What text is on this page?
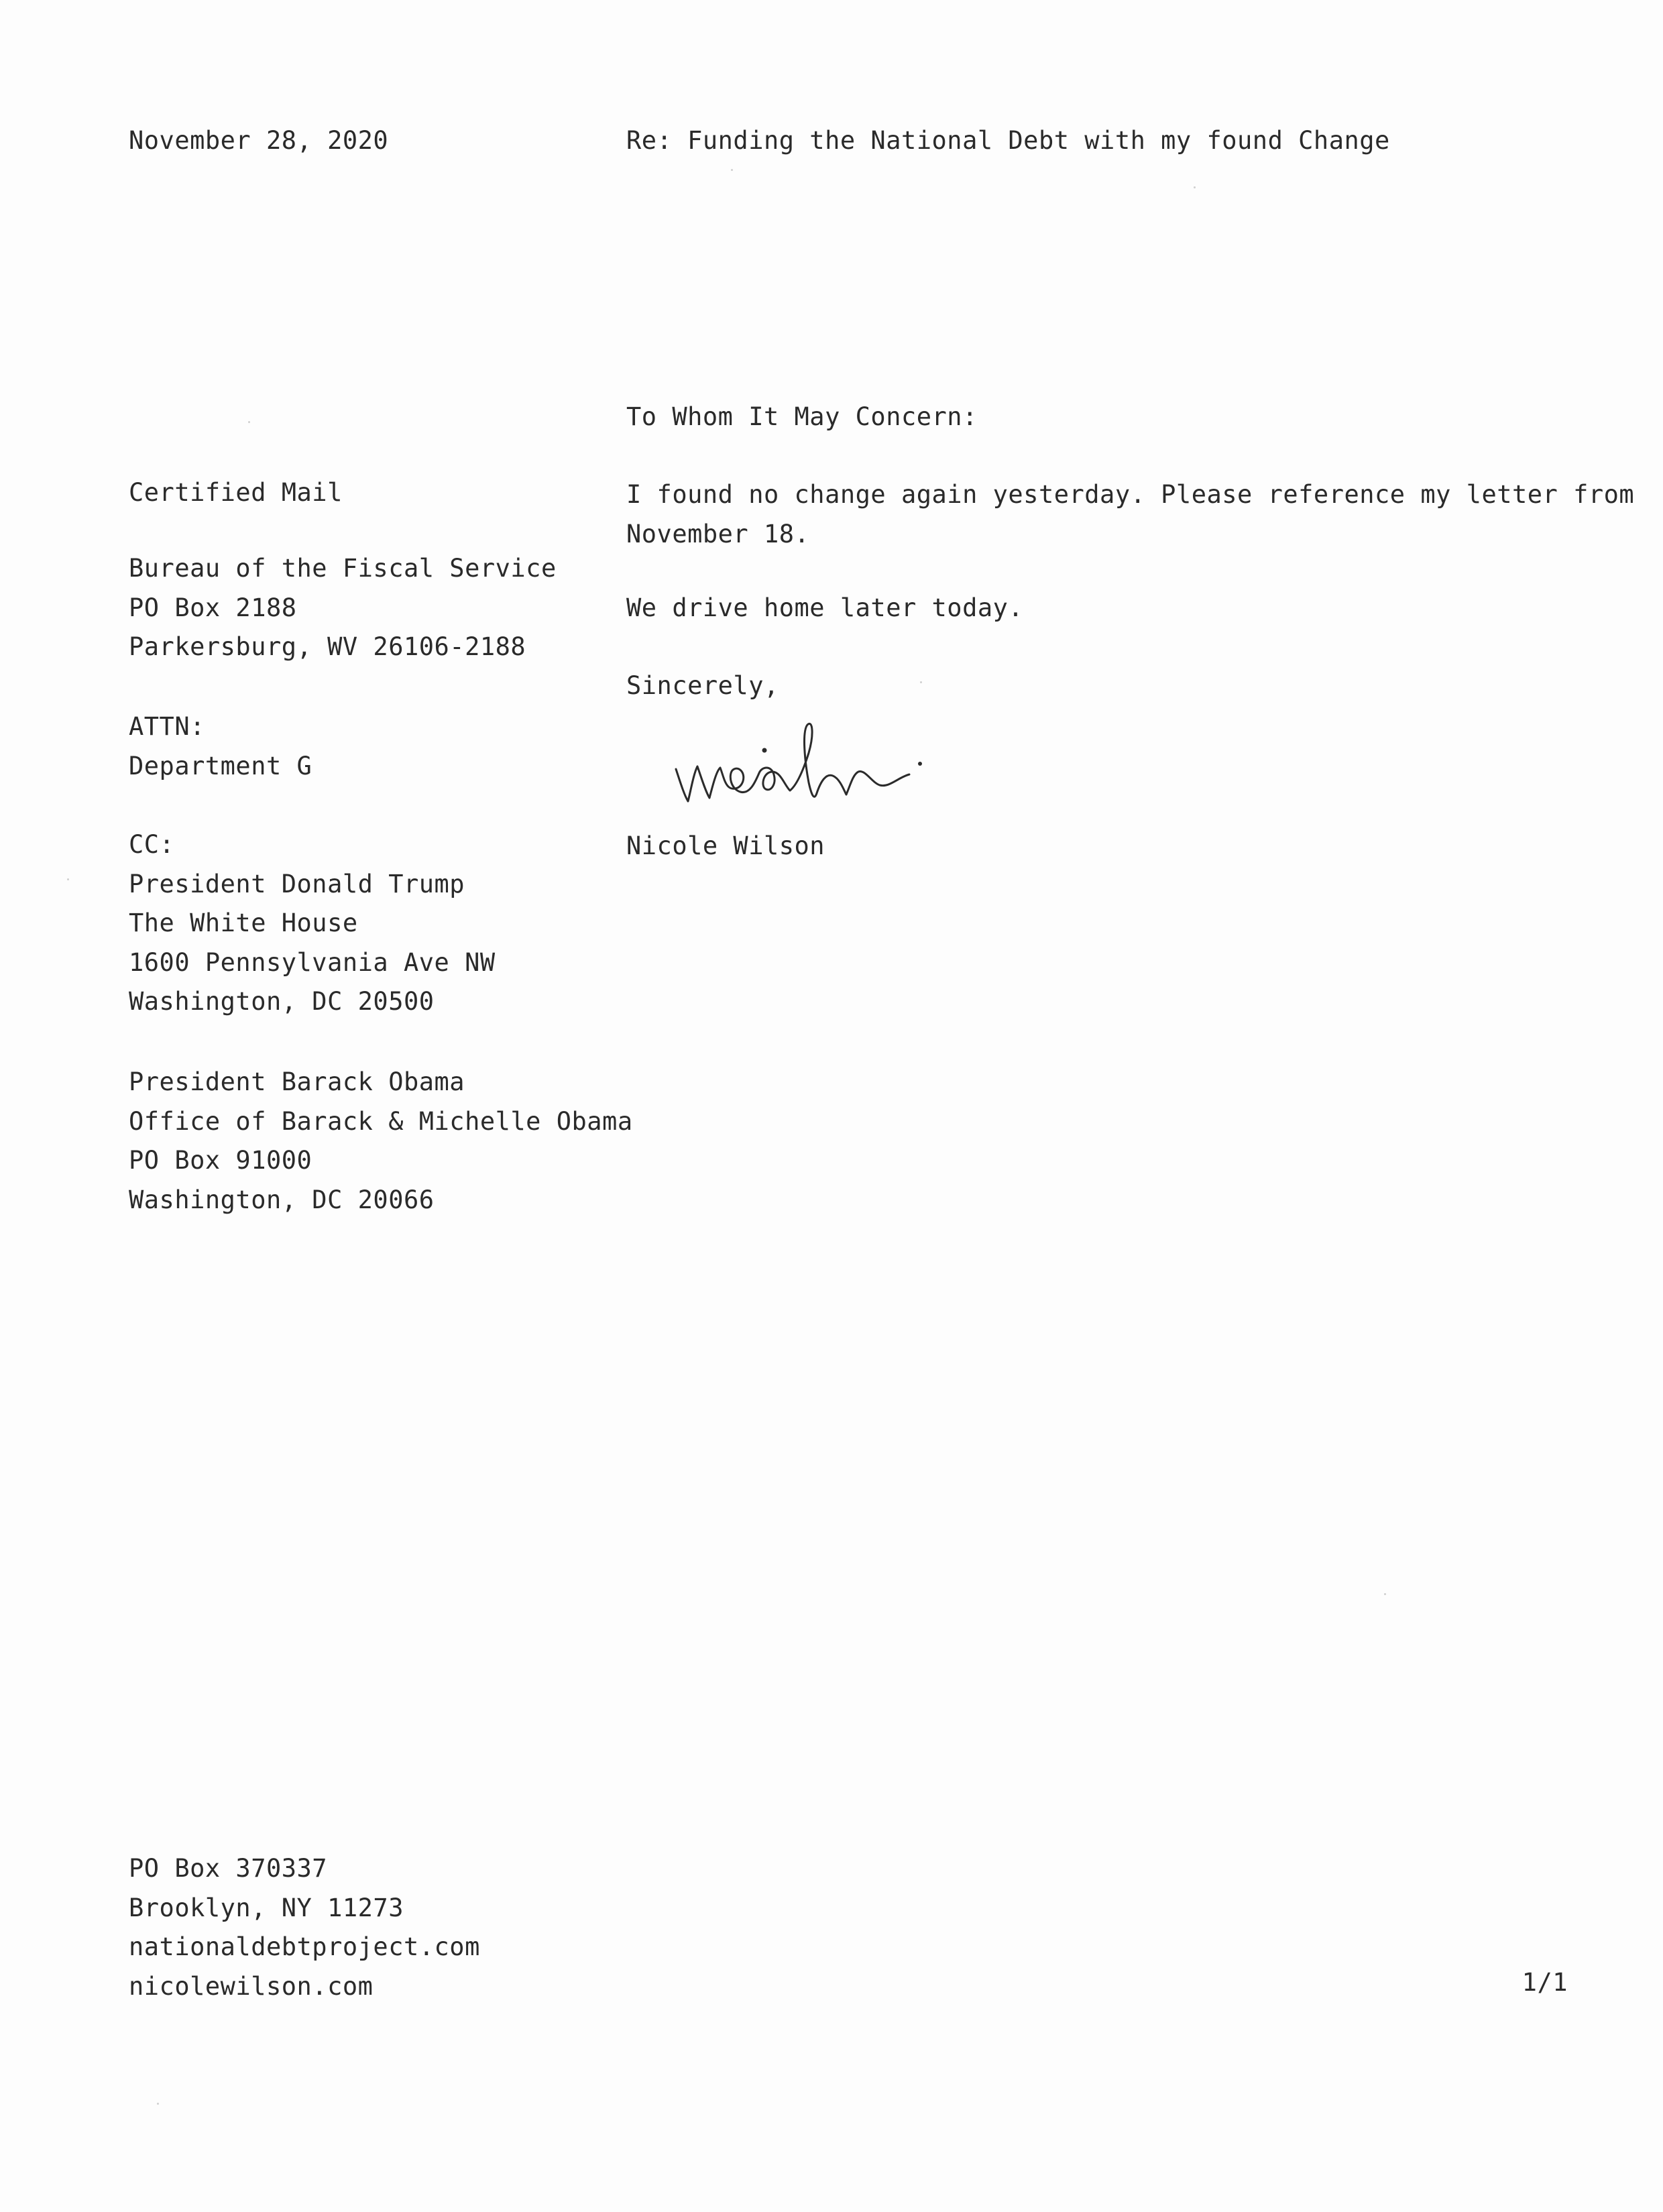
November 28, 2020	Re: Funding the National Debt with my found Change
To Whom It May Concern:
Certified Mail
Bureau of the Fiscal Service
PO Box 2188
Parkersburg, WV 26106-2188
ATTN:
Department G
CC:
President Donald Trump
The White House
1600 Pennsylvania Ave NW
Washington, DC 20500
President Barack Obama
Office of Barack & Michelle Obama
PO Box 91000
Washington, DC 20066
I found no change again yesterday. Please reference my letter from
November 18.
We drive home later today.
Sincerely,
Nicole Wilson
PO Box 370337
Brooklyn, NY 11273
nationaldebtproject.com
nicolewilson.com	1/1
